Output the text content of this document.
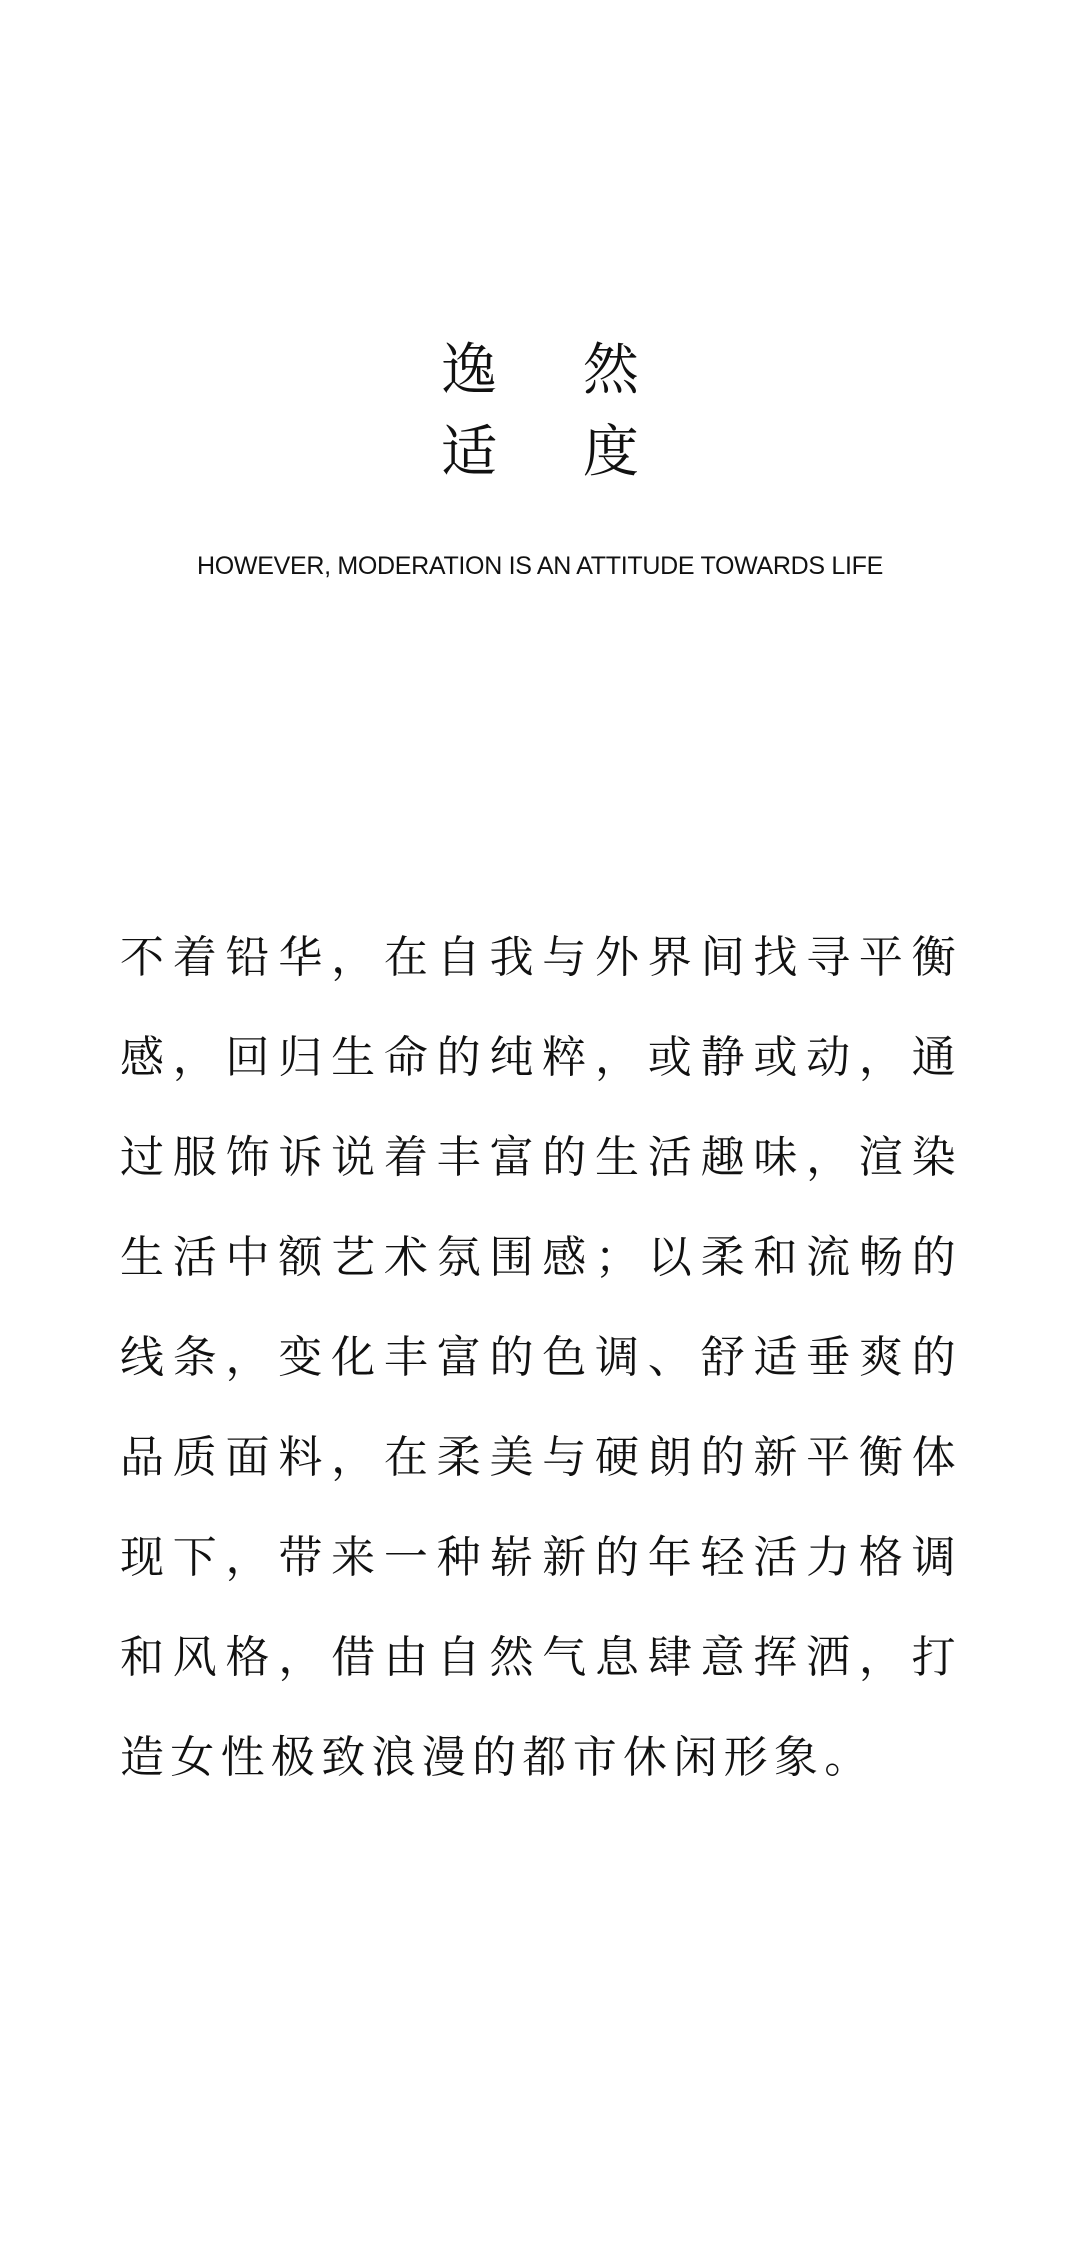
逸 然
适 度
HOWEVER, MODERATION IS AN ATTITUDE TOWARDS LIFE

不着铅华，在自我与外界间找寻平衡感，回归生命的纯粹，或静或动，通过服饰诉说着丰富的生活趣味，渲染生活中额艺术氛围感；以柔和流畅的线条，变化丰富的色调、舒适垂爽的品质面料，在柔美与硬朗的新平衡体现下，带来一种崭新的年轻活力格调和风格，借由自然气息肆意挥洒，打造女性极致浪漫的都市休闲形象。
